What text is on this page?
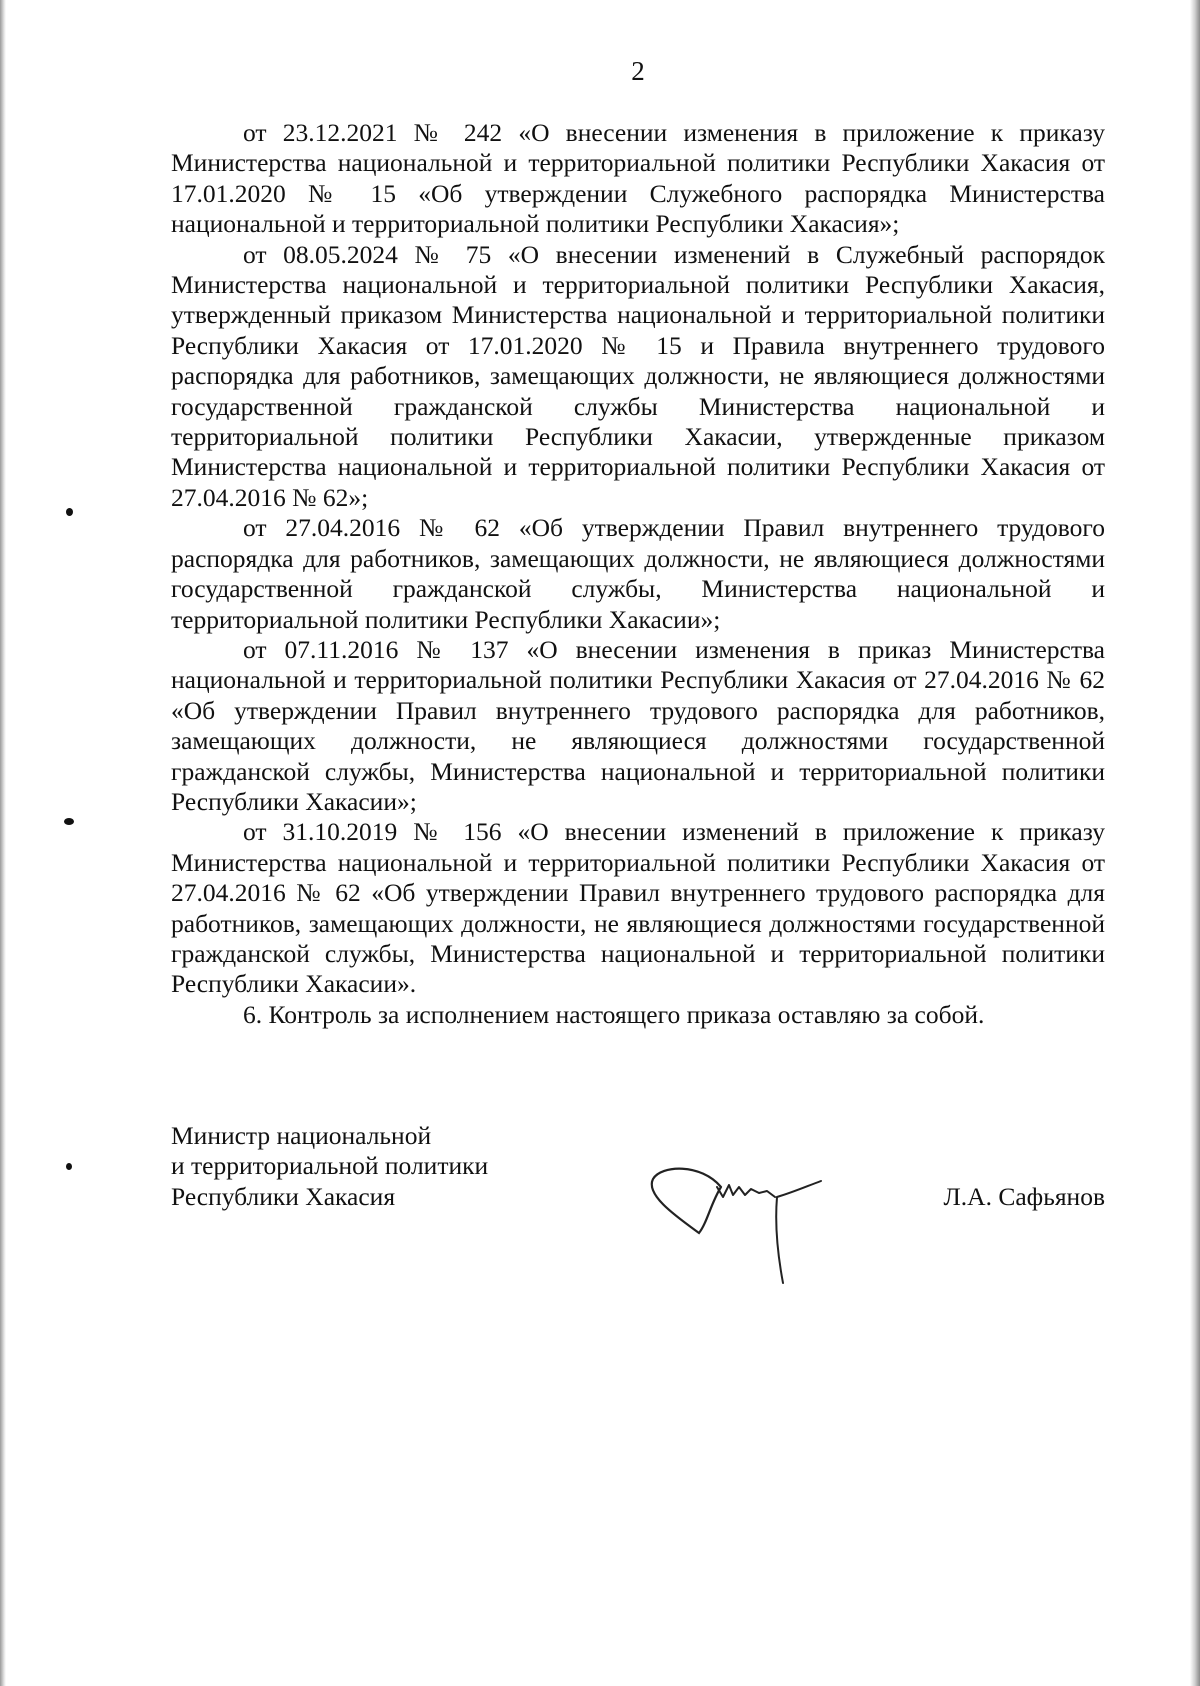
2

от 23.12.2021 № 242 «О внесении изменения в приложение к приказу Министерства национальной и территориальной политики Республики Хакасия от 17.01.2020 № 15 «Об утверждении Служебного распорядка Министерства национальной и территориальной политики Республики Хакасия»;

от 08.05.2024 № 75 «О внесении изменений в Служебный распорядок Министерства национальной и территориальной политики Республики Хакасия, утвержденный приказом Министерства национальной и территориальной политики Республики Хакасия от 17.01.2020 № 15 и Правила внутреннего трудового распорядка для работников, замещающих должности, не являющиеся должностями государственной гражданской службы Министерства национальной и территориальной политики Республики Хакасии, утвержденные приказом Министерства национальной и территориальной политики Республики Хакасия от 27.04.2016 № 62»;

от 27.04.2016 № 62 «Об утверждении Правил внутреннего трудового распорядка для работников, замещающих должности, не являющиеся должностями государственной гражданской службы, Министерства национальной и территориальной политики Республики Хакасии»;

от 07.11.2016 № 137 «О внесении изменения в приказ Министерства национальной и территориальной политики Республики Хакасия от 27.04.2016 № 62 «Об утверждении Правил внутреннего трудового распорядка для работников, замещающих должности, не являющиеся должностями государственной гражданской службы, Министерства национальной и территориальной политики Республики Хакасии»;

от 31.10.2019 № 156 «О внесении изменений в приложение к приказу Министерства национальной и территориальной политики Республики Хакасия от 27.04.2016 № 62 «Об утверждении Правил внутреннего трудового распорядка для работников, замещающих должности, не являющиеся должностями государственной гражданской службы, Министерства национальной и территориальной политики Республики Хакасии».

6. Контроль за исполнением настоящего приказа оставляю за собой.

Министр национальной
и территориальной политики
Республики Хакасия	Л.А. Сафьянов
